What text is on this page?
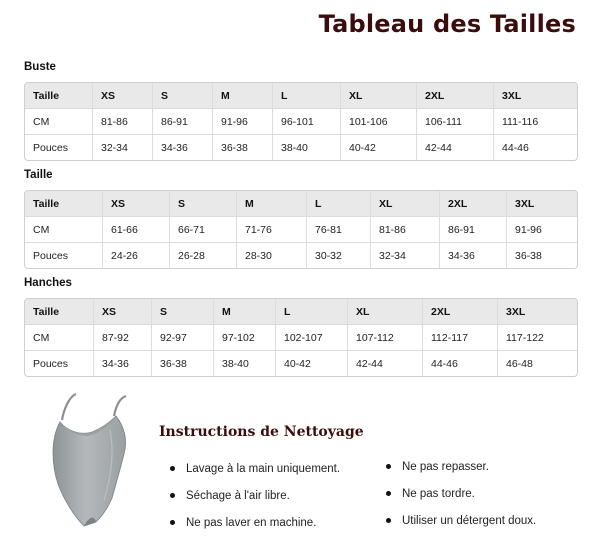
Tableau des Tailles
Buste
Taille	XS	S	M	L	XL	2XL	3XL
CM	81-86	86-91	91-96	96-101	101-106	106-111	111-116
Pouces	32-34	34-36	36-38	38-40	40-42	42-44	44-46
Taille
Taille	XS	S	M	L	XL	2XL	3XL
CM	61-66	66-71	71-76	76-81	81-86	86-91	91-96
Pouces	24-26	26-28	28-30	30-32	32-34	34-36	36-38
Hanches
Taille	XS	S	M	L	XL	2XL	3XL
CM	87-92	92-97	97-102	102-107	107-112	112-117	117-122
Pouces	34-36	36-38	38-40	40-42	42-44	44-46	46-48
Instructions de Nettoyage
Lavage à la main uniquement.
Séchage à l'air libre.
Ne pas laver en machine.
Ne pas repasser.
Ne pas tordre.
Utiliser un détergent doux.
